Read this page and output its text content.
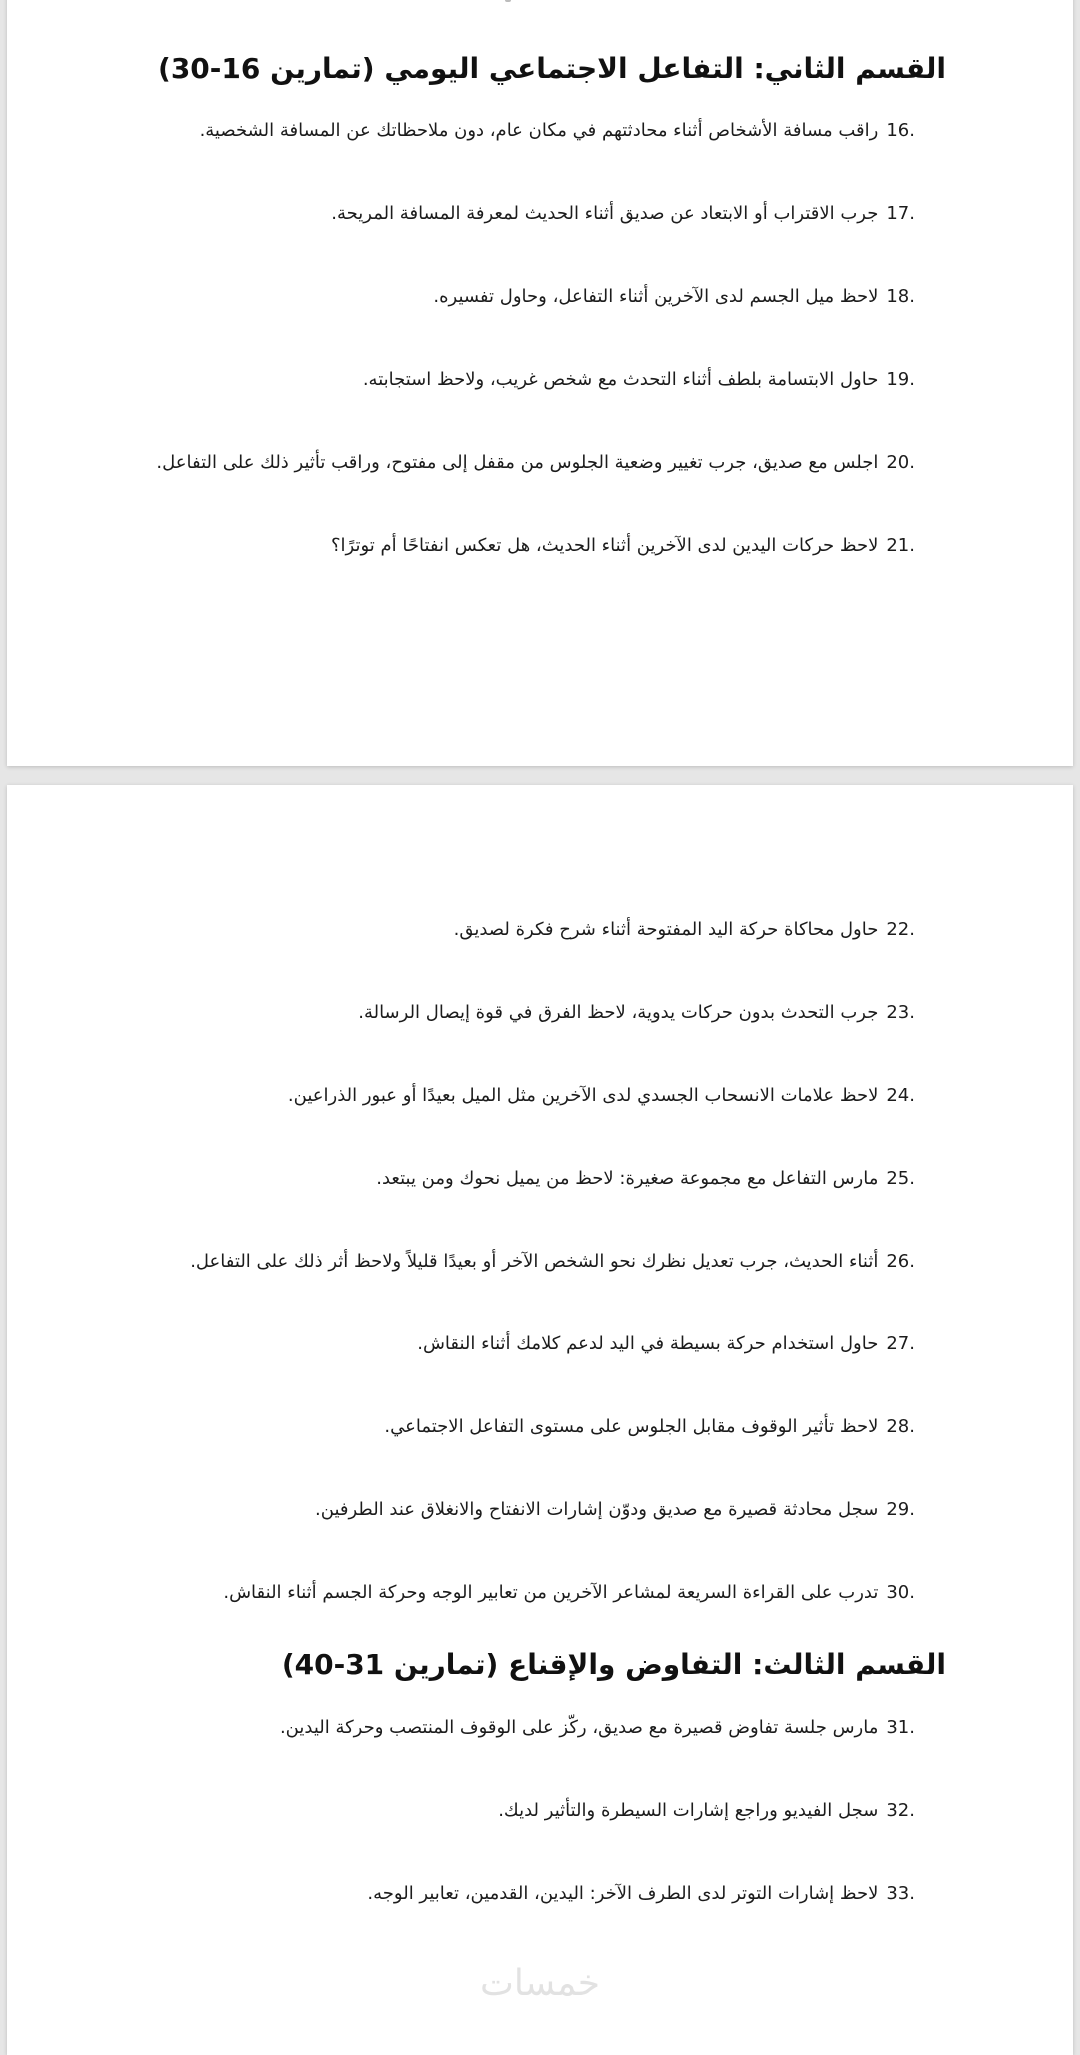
القسم الثاني: التفاعل الاجتماعي اليومي (تمارين 16-30)
16.
راقب مسافة الأشخاص أثناء محادثتهم في مكان عام، دون ملاحظاتك عن المسافة الشخصية.
17.
جرب الاقتراب أو الابتعاد عن صديق أثناء الحديث لمعرفة المسافة المريحة.
18.
لاحظ ميل الجسم لدى الآخرين أثناء التفاعل، وحاول تفسيره.
19.
حاول الابتسامة بلطف أثناء التحدث مع شخص غريب، ولاحظ استجابته.
20.
اجلس مع صديق، جرب تغيير وضعية الجلوس من مقفل إلى مفتوح، وراقب تأثير ذلك على التفاعل.
21.
لاحظ حركات اليدين لدى الآخرين أثناء الحديث، هل تعكس انفتاحًا أم توترًا؟
22.
حاول محاكاة حركة اليد المفتوحة أثناء شرح فكرة لصديق.
23.
جرب التحدث بدون حركات يدوية، لاحظ الفرق في قوة إيصال الرسالة.
24.
لاحظ علامات الانسحاب الجسدي لدى الآخرين مثل الميل بعيدًا أو عبور الذراعين.
25.
مارس التفاعل مع مجموعة صغيرة: لاحظ من يميل نحوك ومن يبتعد.
26.
أثناء الحديث، جرب تعديل نظرك نحو الشخص الآخر أو بعيدًا قليلاً ولاحظ أثر ذلك على التفاعل.
27.
حاول استخدام حركة بسيطة في اليد لدعم كلامك أثناء النقاش.
28.
لاحظ تأثير الوقوف مقابل الجلوس على مستوى التفاعل الاجتماعي.
29.
سجل محادثة قصيرة مع صديق ودوّن إشارات الانفتاح والانغلاق عند الطرفين.
30.
تدرب على القراءة السريعة لمشاعر الآخرين من تعابير الوجه وحركة الجسم أثناء النقاش.
القسم الثالث: التفاوض والإقناع (تمارين 31-40)
31.
مارس جلسة تفاوض قصيرة مع صديق، ركّز على الوقوف المنتصب وحركة اليدين.
32.
سجل الفيديو وراجع إشارات السيطرة والتأثير لديك.
33.
لاحظ إشارات التوتر لدى الطرف الآخر: اليدين، القدمين، تعابير الوجه.
خمسات
